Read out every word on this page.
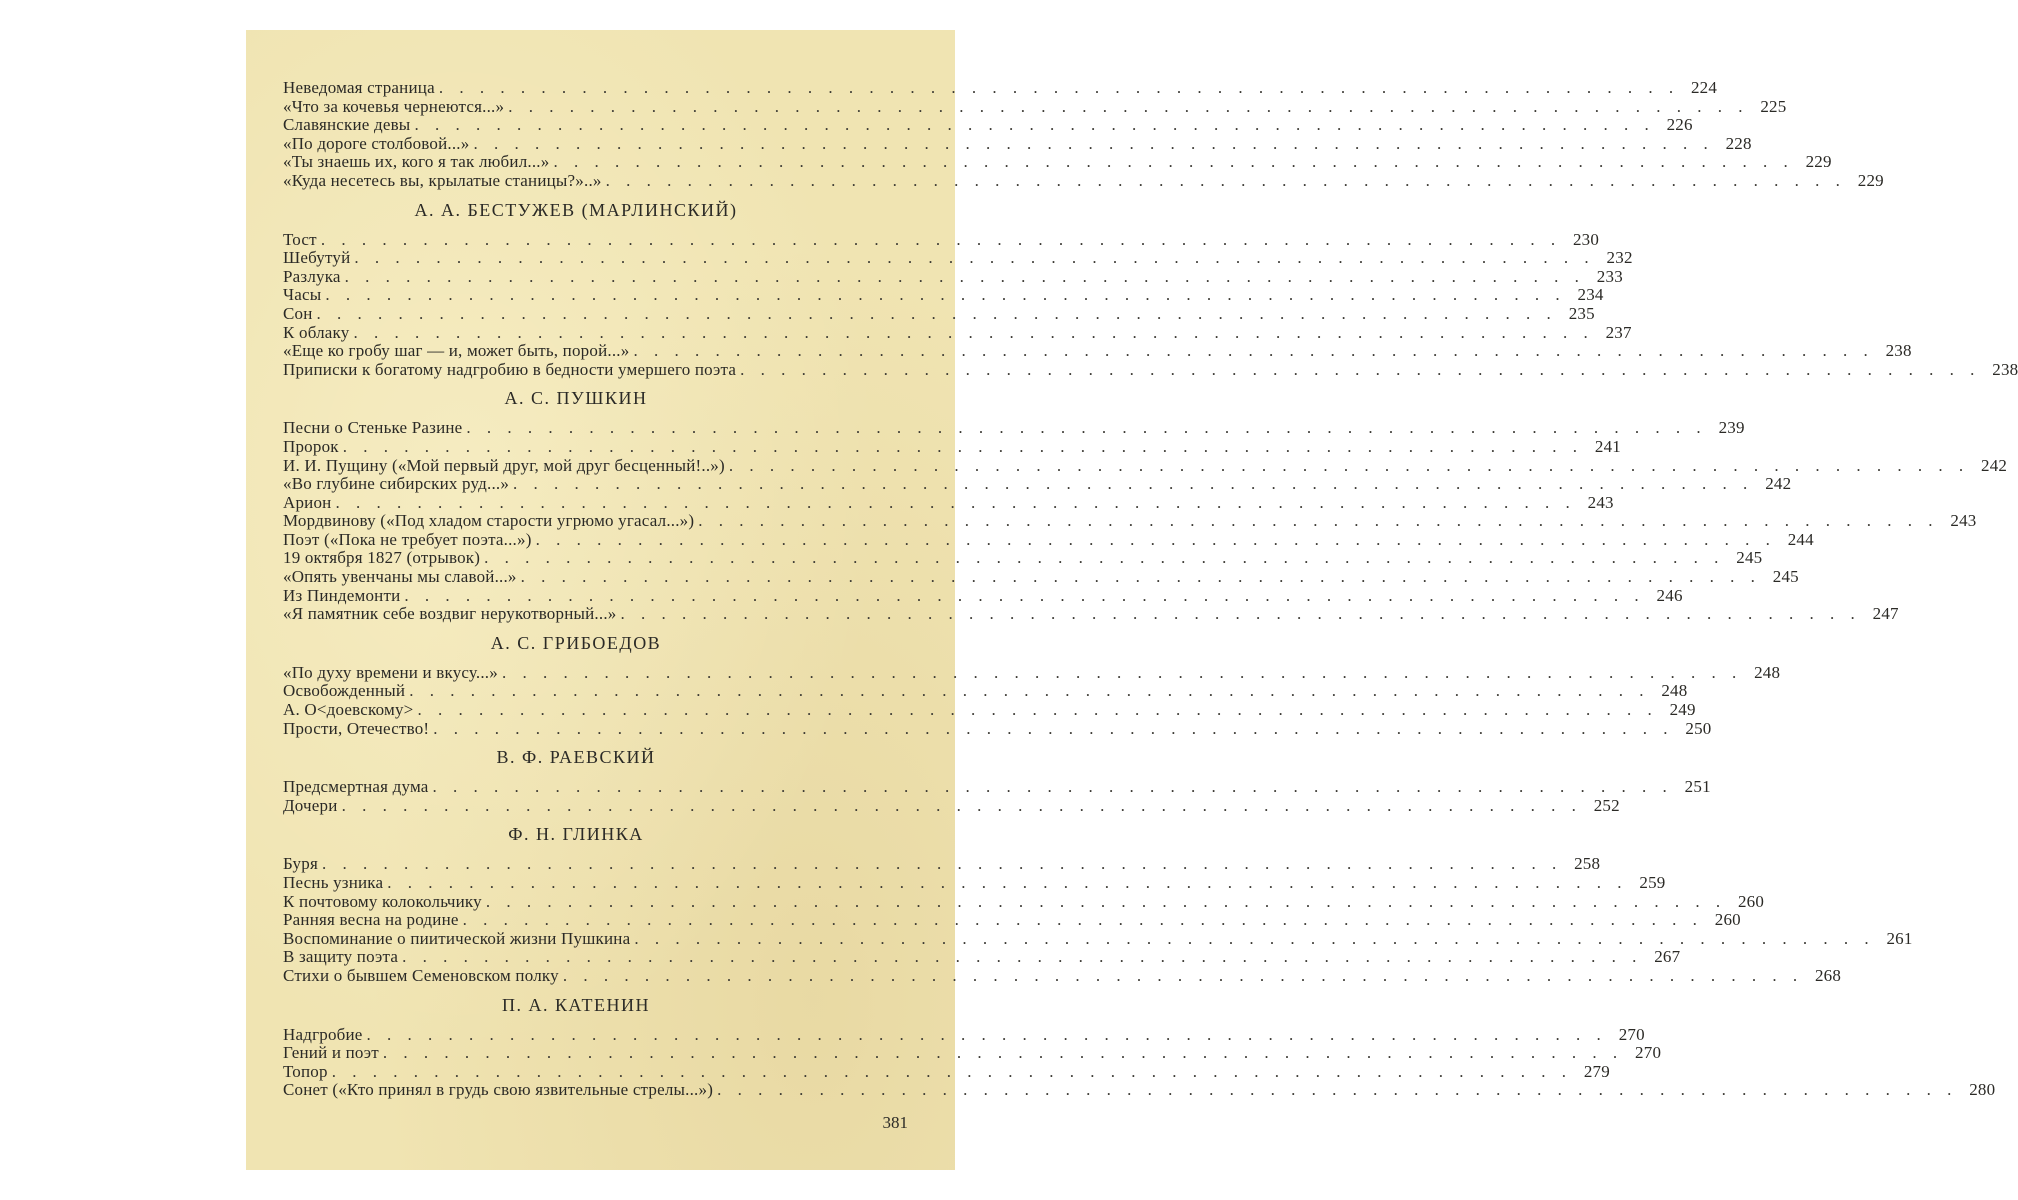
Неведомая страница . . .	224
«Что за кочевья чернеются...» . . .	225
Славянские девы . . .	226
«По дороге столбовой...» . . .	228
«Ты знаешь их, кого я так любил...» . . .	229
«Куда несетесь вы, крылатые станицы?»..» . . .	229
А. А. БЕСТУЖЕВ (МАРЛИНСКИЙ)
Тост . . .	230
Шебутуй . . .	232
Разлука . . .	233
Часы . . .	234
Сон . . .	235
К облаку . . .	237
«Еще ко гробу шаг — и, может быть, порой...» . . .	238
Приписки к богатому надгробию в бедности умершего поэта . . .	238
А. С. ПУШКИН
Песни о Стеньке Разине . . .	239
Пророк . . .	241
И. И. Пущину («Мой первый друг, мой друг бесценный!..») . . .	242
«Во глубине сибирских руд...» . . .	242
Арион . . .	243
Мордвинову («Под хладом старости угрюмо угасал...») . . .	243
Поэт («Пока не требует поэта...») . . .	244
19 октября 1827 (отрывок) . . .	245
«Опять увенчаны мы славой...» . . .	245
Из Пиндемонти . . .	246
«Я памятник себе воздвиг нерукотворный...» . . .	247
А. С. ГРИБОЕДОВ
«По духу времени и вкусу...» . . .	248
Освобожденный . . .	248
А. О<доевскому> . . .	249
Прости, Отечество! . . .	250
В. Ф. РАЕВСКИЙ
Предсмертная дума . . .	251
Дочери . . .	252
Ф. Н. ГЛИНКА
Буря . . .	258
Песнь узника . . .	259
К почтовому колокольчику . . .	260
Ранняя весна на родине . . .	260
Воспоминание о пиитической жизни Пушкина . . .	261
В защиту поэта . . .	267
Стихи о бывшем Семеновском полку . . .	268
П. А. КАТЕНИН
Надгробие . . .	270
Гений и поэт . . .	270
Топор . . .	279
Сонет («Кто принял в грудь свою язвительные стрелы...») . . .	280
381
